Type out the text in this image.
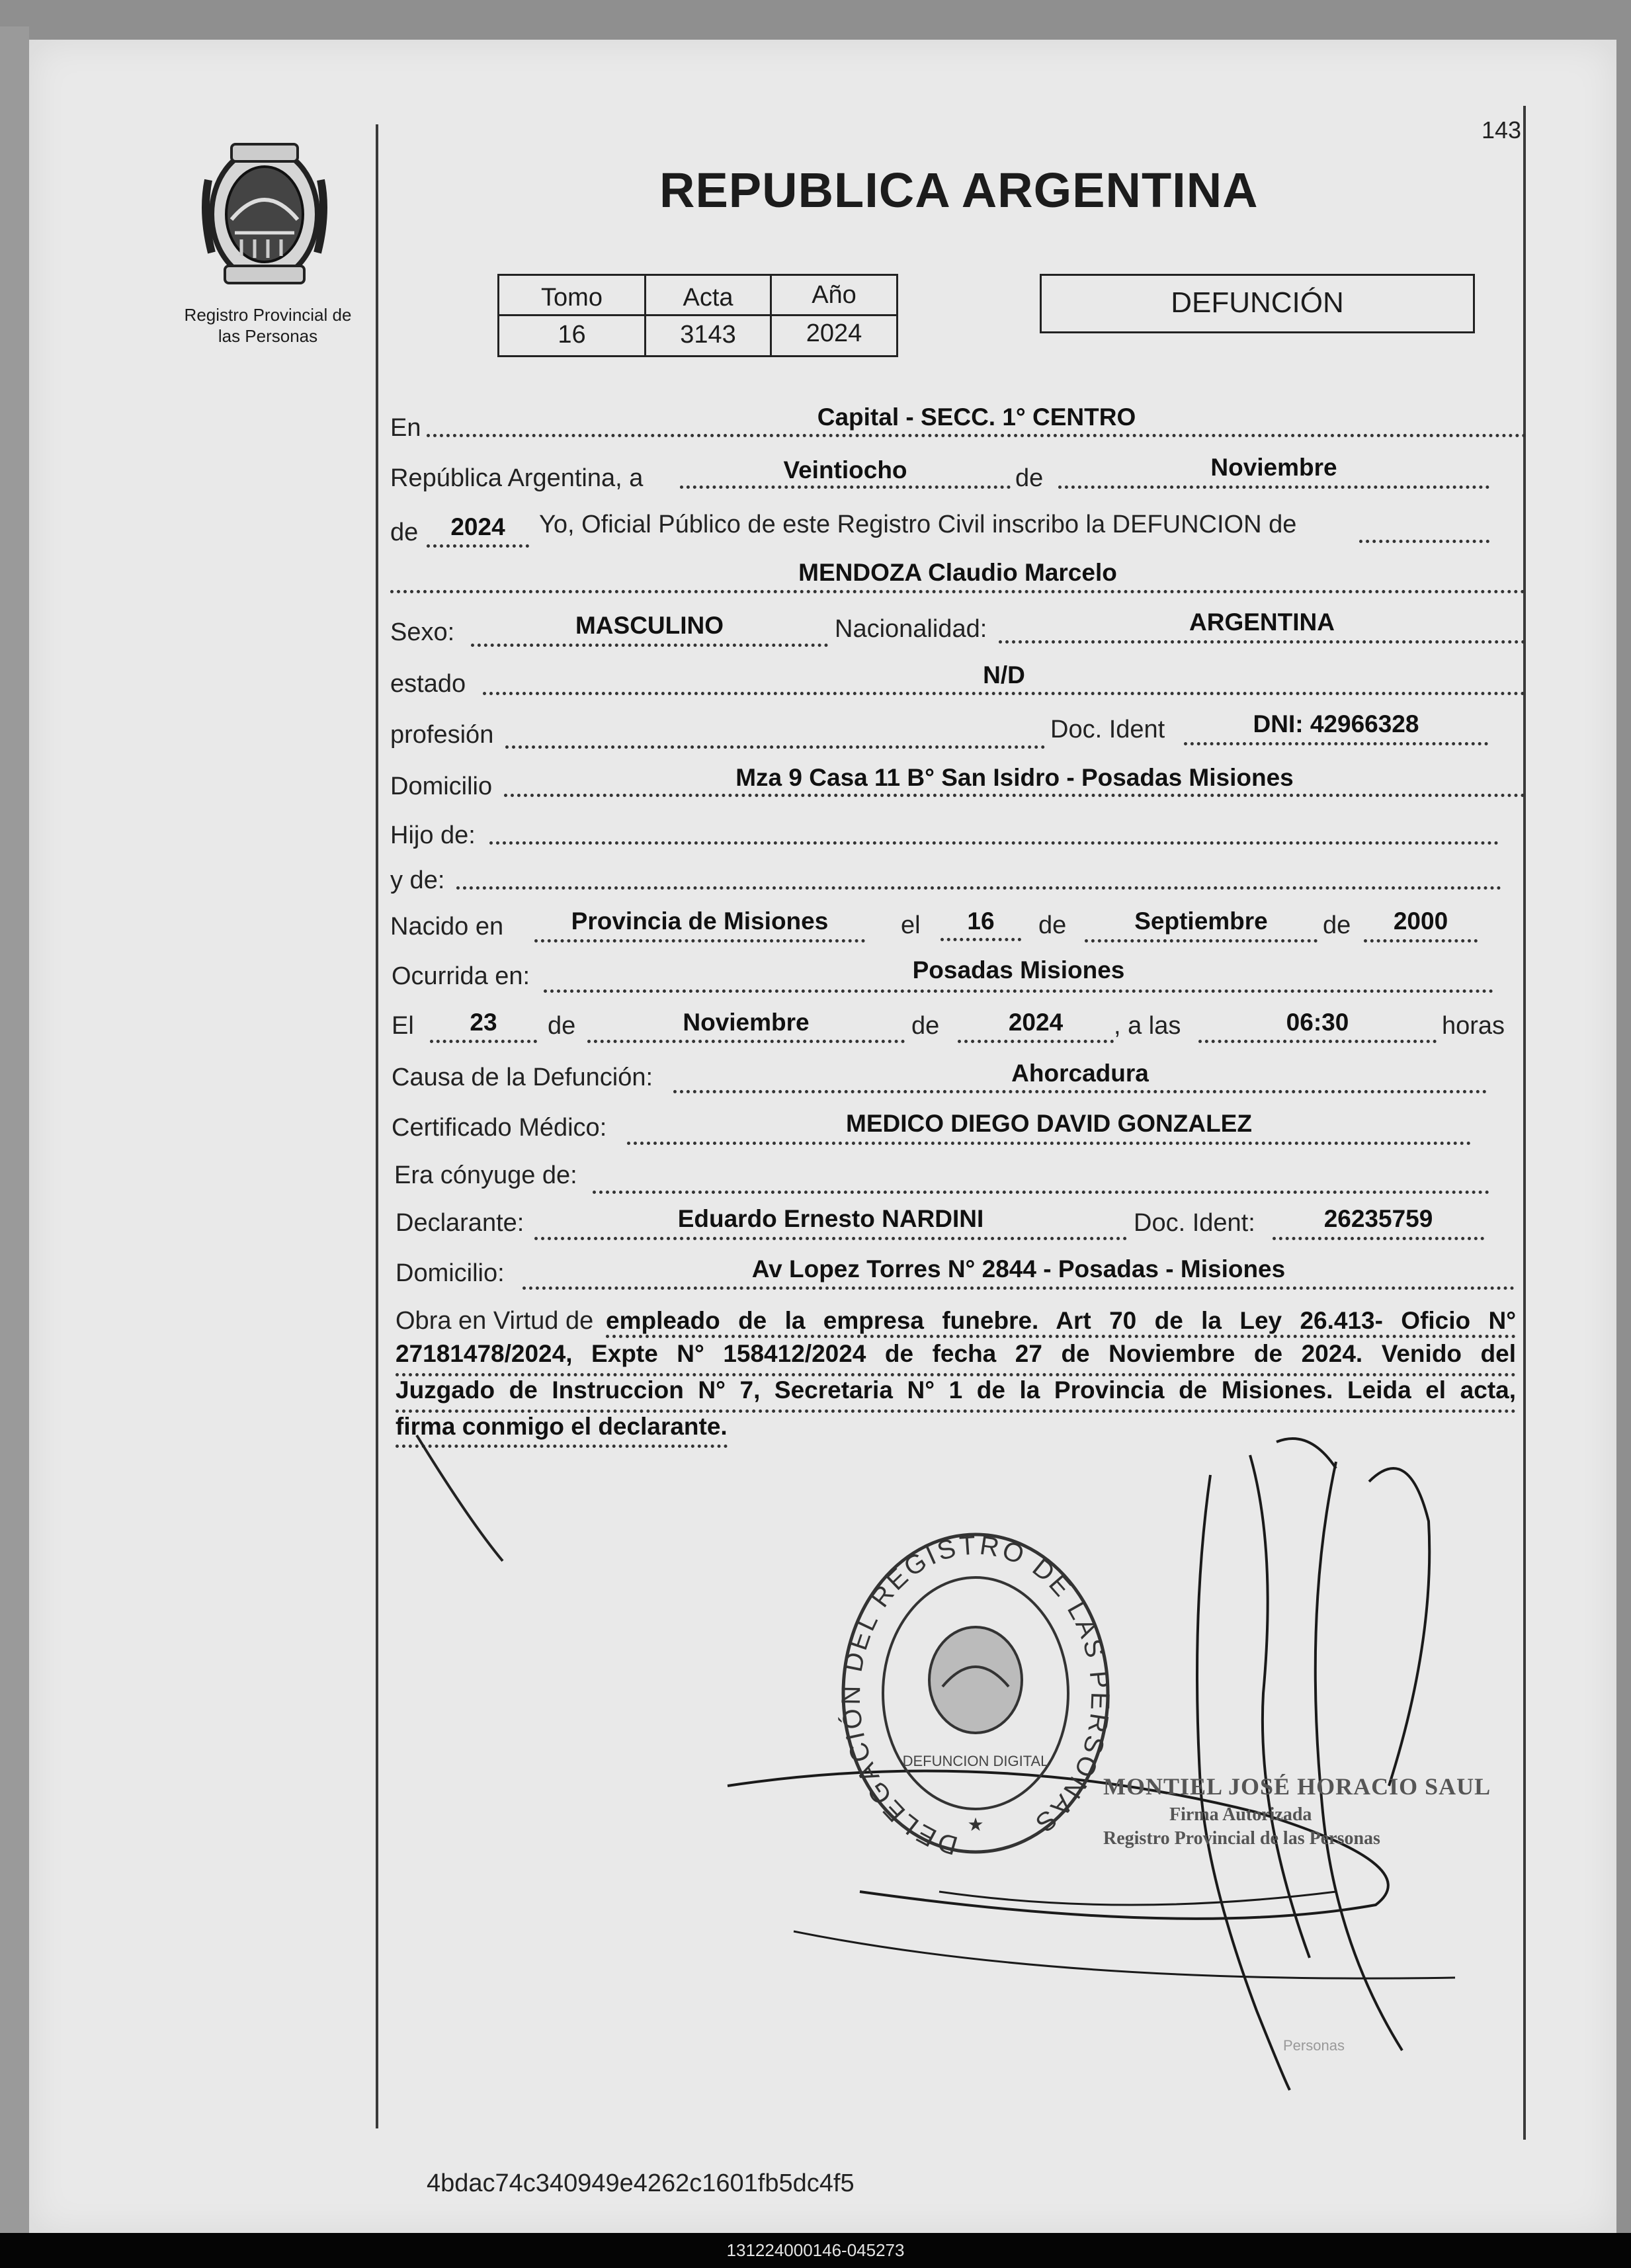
143
Registro Provincial de
las Personas
REPUBLICA ARGENTINA
Tomo	Acta	Año
16	3143	2024
DEFUNCIÓN
En	Capital - SECC. 1° CENTRO
República Argentina, a	Veintiocho	de	Noviembre
de	2024	Yo, Oficial Público de este Registro Civil inscribo la DEFUNCION de
MENDOZA Claudio Marcelo
Sexo:	MASCULINO	Nacionalidad:	ARGENTINA
estado	N/D
profesión	Doc. Ident	DNI: 42966328
Domicilio	Mza 9 Casa 11 B° San Isidro - Posadas Misiones
Hijo de:
y de:
Nacido en	Provincia de Misiones	el	16	de	Septiembre	de	2000
Ocurrida en:	Posadas Misiones
El	23	de	Noviembre	de	2024	, a las	06:30	horas
Causa de la Defunción:	Ahorcadura
Certificado Médico:	MEDICO DIEGO DAVID GONZALEZ
Era cónyuge de:
Declarante:	Eduardo Ernesto NARDINI	Doc. Ident:	26235759
Domicilio:	Av Lopez Torres N° 2844 - Posadas - Misiones
Obra en Virtud de empleado de la empresa funebre. Art 70 de la Ley 26.413- Oficio N°
27181478/2024, Expte N° 158412/2024 de fecha 27 de Noviembre de 2024. Venido del
Juzgado de Instruccion N° 7, Secretaria N° 1 de la Provincia de Misiones. Leida el acta,
firma conmigo el declarante.
DELEGACIÓN DEL REGISTRO DE LAS PERSONAS
DEFUNCION DIGITAL
★
MONTIEL JOSÉ HORACIO SAUL
Firma Autorizada
Registro Provincial de las Personas
Personas
4bdac74c340949e4262c1601fb5dc4f5
131224000146-045273
